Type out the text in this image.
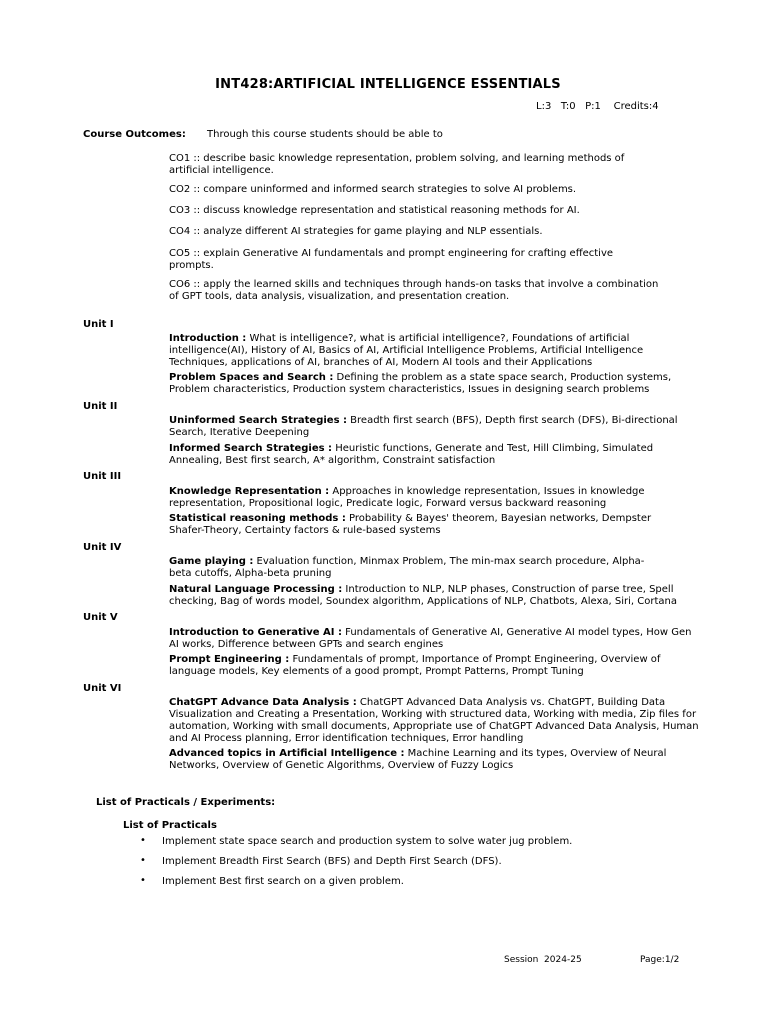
INT428:ARTIFICIAL INTELLIGENCE ESSENTIALS
L:3   T:0   P:1    Credits:4
Course Outcomes: Through this course students should be able to
CO1 :: describe basic knowledge representation, problem solving, and learning methods of artificial intelligence.
CO2 :: compare uninformed and informed search strategies to solve AI problems.
CO3 :: discuss knowledge representation and statistical reasoning methods for AI.
CO4 :: analyze different AI strategies for game playing and NLP essentials.
CO5 :: explain Generative AI fundamentals and prompt engineering for crafting effective prompts.
CO6 :: apply the learned skills and techniques through hands-on tasks that involve a combination of GPT tools, data analysis, visualization, and presentation creation.
Unit I
Introduction : What is intelligence?, what is artificial intelligence?, Foundations of artificial intelligence(AI), History of AI, Basics of AI, Artificial Intelligence Problems, Artificial Intelligence Techniques, applications of AI, branches of AI, Modern AI tools and their Applications
Problem Spaces and Search : Defining the problem as a state space search, Production systems, Problem characteristics, Production system characteristics, Issues in designing search problems
Unit II
Uninformed Search Strategies : Breadth first search (BFS), Depth first search (DFS), Bi-directional Search, Iterative Deepening
Informed Search Strategies : Heuristic functions, Generate and Test, Hill Climbing, Simulated Annealing, Best first search, A* algorithm, Constraint satisfaction
Unit III
Knowledge Representation : Approaches in knowledge representation, Issues in knowledge representation, Propositional logic, Predicate logic, Forward versus backward reasoning
Statistical reasoning methods : Probability & Bayes' theorem, Bayesian networks, Dempster Shafer-Theory, Certainty factors & rule-based systems
Unit IV
Game playing : Evaluation function, Minmax Problem, The min-max search procedure, Alpha-beta cutoffs, Alpha-beta pruning
Natural Language Processing : Introduction to NLP, NLP phases, Construction of parse tree, Spell checking, Bag of words model, Soundex algorithm, Applications of NLP, Chatbots, Alexa, Siri, Cortana
Unit V
Introduction to Generative AI : Fundamentals of Generative AI, Generative AI model types, How Gen AI works, Difference between GPTs and search engines
Prompt Engineering : Fundamentals of prompt, Importance of Prompt Engineering, Overview of language models, Key elements of a good prompt, Prompt Patterns, Prompt Tuning
Unit VI
ChatGPT Advance Data Analysis : ChatGPT Advanced Data Analysis vs. ChatGPT, Building Data Visualization and Creating a Presentation, Working with structured data, Working with media, Zip files for automation, Working with small documents, Appropriate use of ChatGPT Advanced Data Analysis, Human and AI Process planning, Error identification techniques, Error handling
Advanced topics in Artificial Intelligence : Machine Learning and its types, Overview of Neural Networks, Overview of Genetic Algorithms, Overview of Fuzzy Logics
List of Practicals / Experiments:
List of Practicals
• Implement state space search and production system to solve water jug problem.
• Implement Breadth First Search (BFS) and Depth First Search (DFS).
• Implement Best first search on a given problem.
Session  2024-25	Page:1/2
